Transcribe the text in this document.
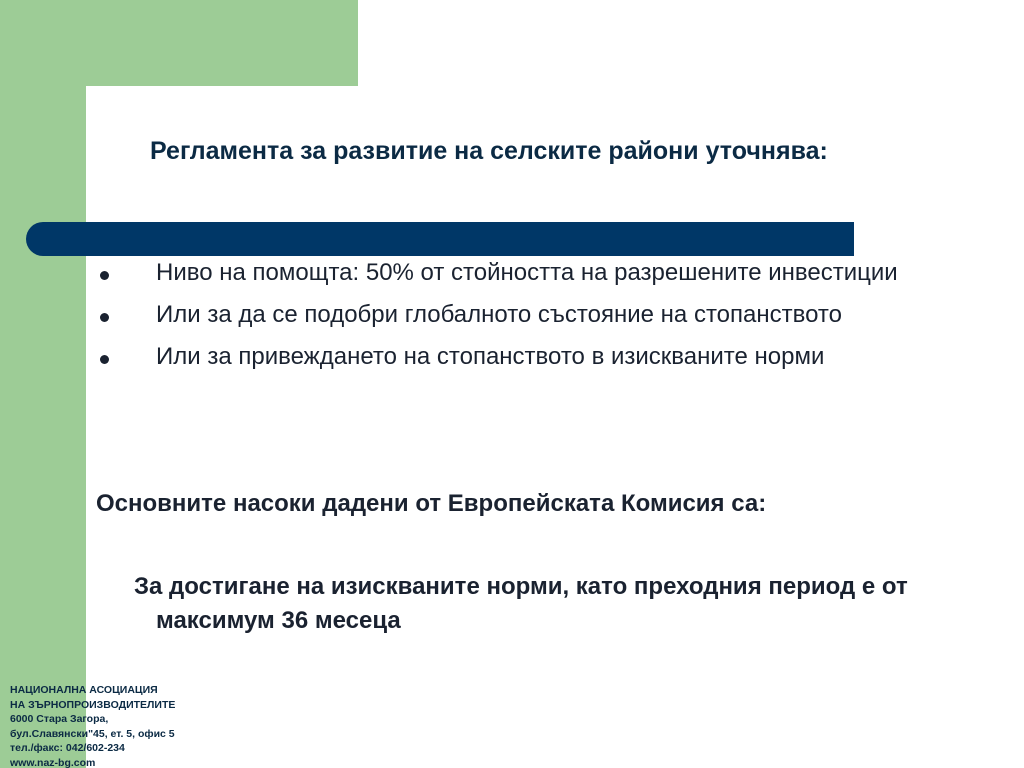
Регламента за развитие на селските райони уточнява:
Ниво на помощта: 50% от стойността на разрешените инвестиции
Или за да се подобри глобалното състояние на стопанството
Или за привеждането на стопанството в изискваните норми
Основните насоки дадени от Европейската Комисия са:
За достигане на изискваните норми, като преходния период е от максимум 36 месеца
НАЦИОНАЛНА АСОЦИАЦИЯ
НА ЗЪРНОПРОИЗВОДИТЕЛИТЕ
6000 Стара Загора,
бул.Славянски"45, ет. 5, офис 5
тел./факс: 042/602-234
www.naz-bg.com
